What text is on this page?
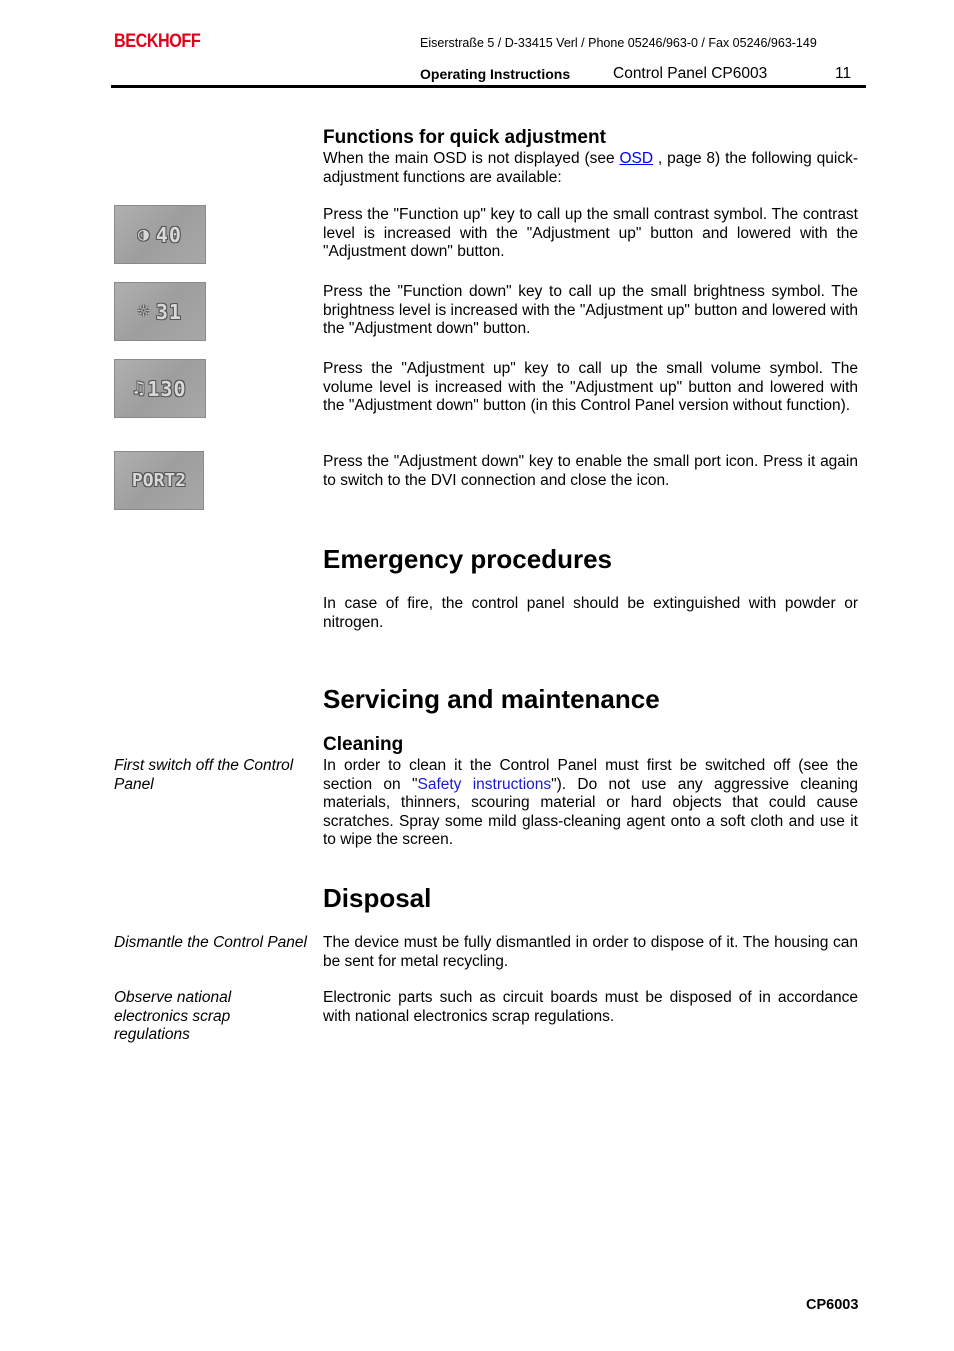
BECKHOFF	Eiserstraße 5 / D-33415 Verl / Phone 05246/963-0 / Fax 05246/963-149
Operating Instructions	Control Panel CP6003	11
Functions for quick adjustment
When the main OSD is not displayed (see OSD , page 8) the following quick-adjustment functions are available:
◑ 40
Press the "Function up" key to call up the small contrast symbol. The contrast level is increased with the "Adjustment up" button and lowered with the "Adjustment down" button.
☼ 31
Press the "Function down" key to call up the small brightness symbol. The brightness level is increased with the "Adjustment up" button and lowered with the "Adjustment down" button.
♫ 130
Press the "Adjustment up" key to call up the small volume symbol. The volume level is increased with the "Adjustment up" button and lowered with the "Adjustment down" button (in this Control Panel version without function).
PORT2
Press the "Adjustment down" key to enable the small port icon. Press it again to switch to the DVI connection and close the icon.
Emergency procedures
In case of fire, the control panel should be extinguished with powder or nitrogen.
Servicing and maintenance
Cleaning
First switch off the Control Panel
In order to clean it the Control Panel must first be switched off (see the section on "Safety instructions"). Do not use any aggressive cleaning materials, thinners, scouring material or hard objects that could cause scratches. Spray some mild glass-cleaning agent onto a soft cloth and use it to wipe the screen.
Disposal
Dismantle the Control Panel The device must be fully dismantled in order to dispose of it. The housing can be sent for metal recycling.
Observe national electronics scrap regulations
Electronic parts such as circuit boards must be disposed of in accordance with national electronics scrap regulations.
CP6003
